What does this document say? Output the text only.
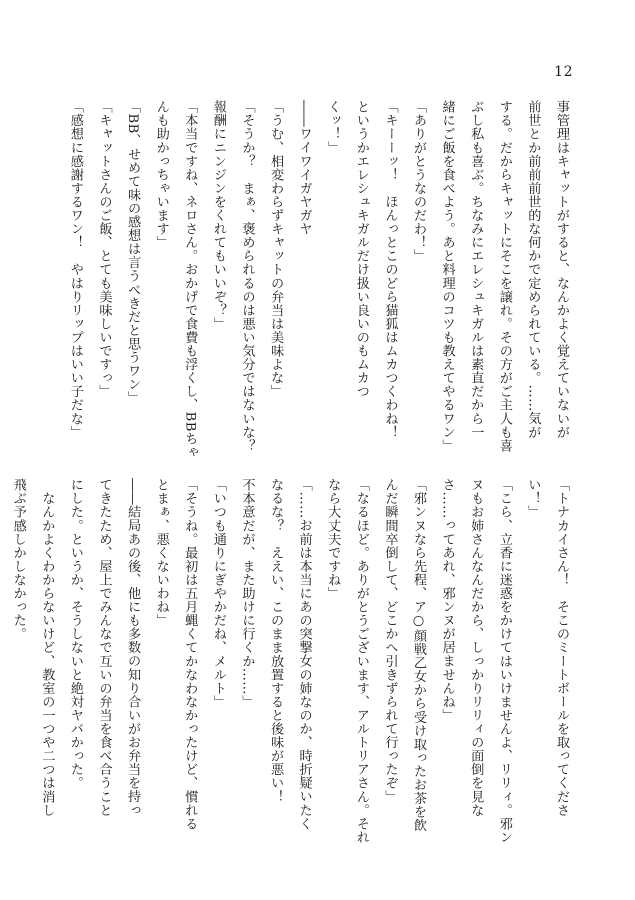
12

事管理はキャットがすると、なんかよく覚えていないが

前世とか前前前世的な何かで定められている。……気が

する。だからキャットにそこを譲れ。その方がご主人も喜

ぶし私も喜ぶ。ちなみにエレシュキガルは素直だから一

緒にご飯を食べよう。あと料理のコツも教えてやるワン」

「ありがとうなのだわ！」

「キーーッ！　ほんっとこのどら猫狐はムカつくわね！

というかエレシュキガルだけ扱い良いのもムカつ

くッ！」

――ワイワイガヤガヤ

「うむ、相変わらずキャットの弁当は美味よな」

「そうか？　まぁ、褒められるのは悪い気分ではないな？

報酬にニンジンをくれてもいいぞ？」

「本当ですね、ネロさん。おかげで食費も浮くし、BBちゃ

んも助かっちゃいます」

「BB、せめて味の感想は言うべきだと思うワン」

「キャットさんのご飯、とても美味しいですっ」

「感想に感謝するワン！　やはりリップはいい子だな」

「トナカイさん！　そこのミートボールを取ってくださ

い！」

「こら、立香に迷惑をかけてはいけませんよ、リリィ。邪ン

ヌもお姉さんなんだから、しっかりリリィの面倒を見な

さ……ってあれ、邪ンヌが居ませんね」

「邪ンヌなら先程、ア○顔戦乙女から受け取ったお茶を飲

んだ瞬間卒倒して、どこかへ引きずられて行ったぞ」

「なるほど。ありがとうございます、アルトリアさん。それ

なら大丈夫ですね」

「……お前は本当にあの突撃女の姉なのか、時折疑いたく

なるな？　ええい、このまま放置すると後味が悪い！

不本意だが、また助けに行くか……」

「いつも通りにぎやかだね、メルト」

「そうね。最初は五月蝿くてかなわなかったけど、慣れる

とまぁ、悪くないわね」

――結局あの後、他にも多数の知り合いがお弁当を持っ

てきたため、屋上でみんなで互いの弁当を食べ合うこと

にした。というか、そうしないと絶対ヤバかった。

　なんかよくわからないけど、教室の一つや二つは消し

飛ぶ予感しかしなかった。
